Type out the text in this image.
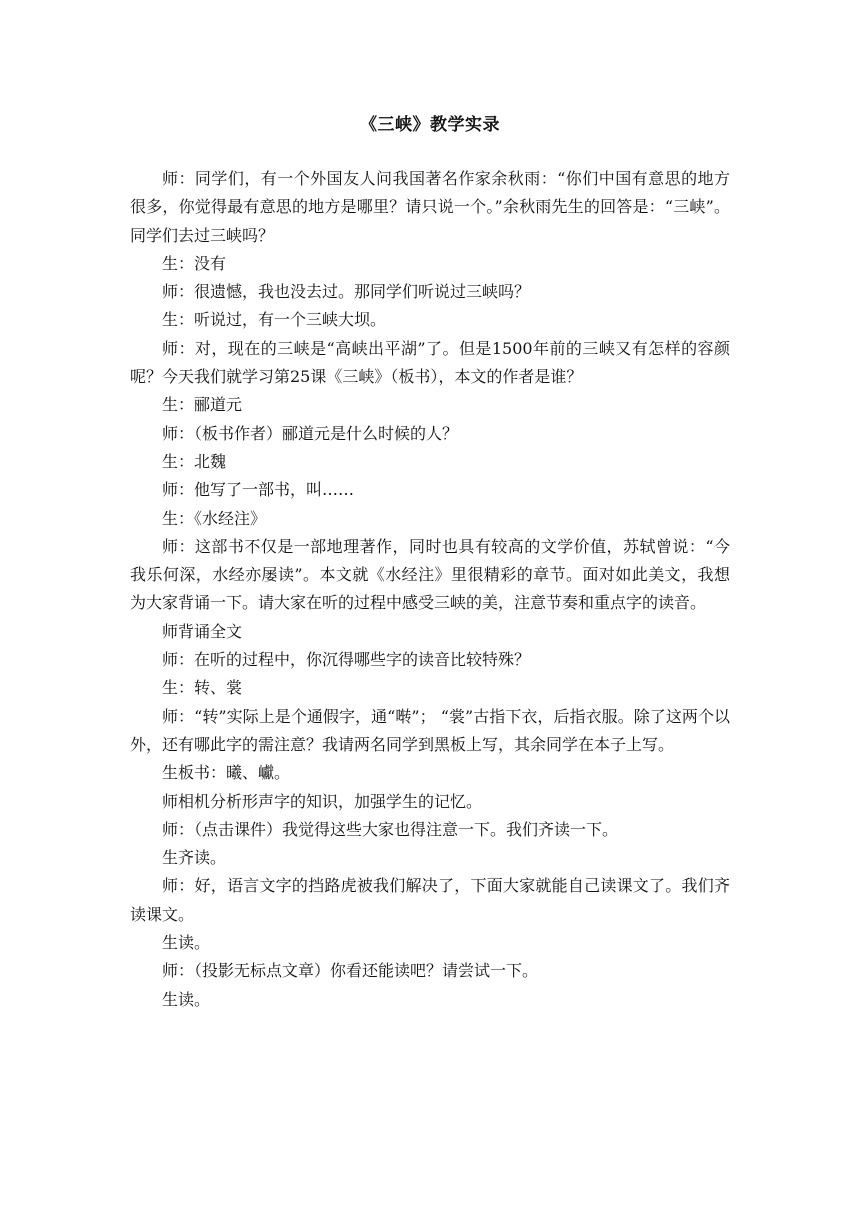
《三峡》教学实录

师：同学们，有一个外国友人问我国著名作家余秋雨：“你们中国有意思的地方很多，你觉得最有意思的地方是哪里？请只说一个。”余秋雨先生的回答是：“三峡”。同学们去过三峡吗？

生：没有

师：很遗憾，我也没去过。那同学们听说过三峡吗？

生：听说过，有一个三峡大坝。

师：对，现在的三峡是“高峡出平湖”了。但是1500年前的三峡又有怎样的容颜呢？今天我们就学习第25课《三峡》（板书），本文的作者是谁？

生：郦道元

师：（板书作者）郦道元是什么时候的人？

生：北魏

师：他写了一部书，叫……

生：《水经注》

师：这部书不仅是一部地理著作，同时也具有较高的文学价值，苏轼曾说：“今我乐何深，水经亦屡读”。本文就《水经注》里很精彩的章节。面对如此美文，我想为大家背诵一下。请大家在听的过程中感受三峡的美，注意节奏和重点字的读音。

师背诵全文

师：在听的过程中，你沉得哪些字的读音比较特殊？

生：转、裳

师：“转”实际上是个通假字，通“啭”； “裳”古指下衣，后指衣服。除了这两个以外，还有哪此字的需注意？我请两名同学到黑板上写，其余同学在本子上写。

生板书：曦、巘。

师相机分析形声字的知识，加强学生的记忆。

师：（点击课件）我觉得这些大家也得注意一下。我们齐读一下。

生齐读。

师：好，语言文字的挡路虎被我们解决了，下面大家就能自己读课文了。我们齐读课文。

生读。

师：（投影无标点文章）你看还能读吧？请尝试一下。

生读。
